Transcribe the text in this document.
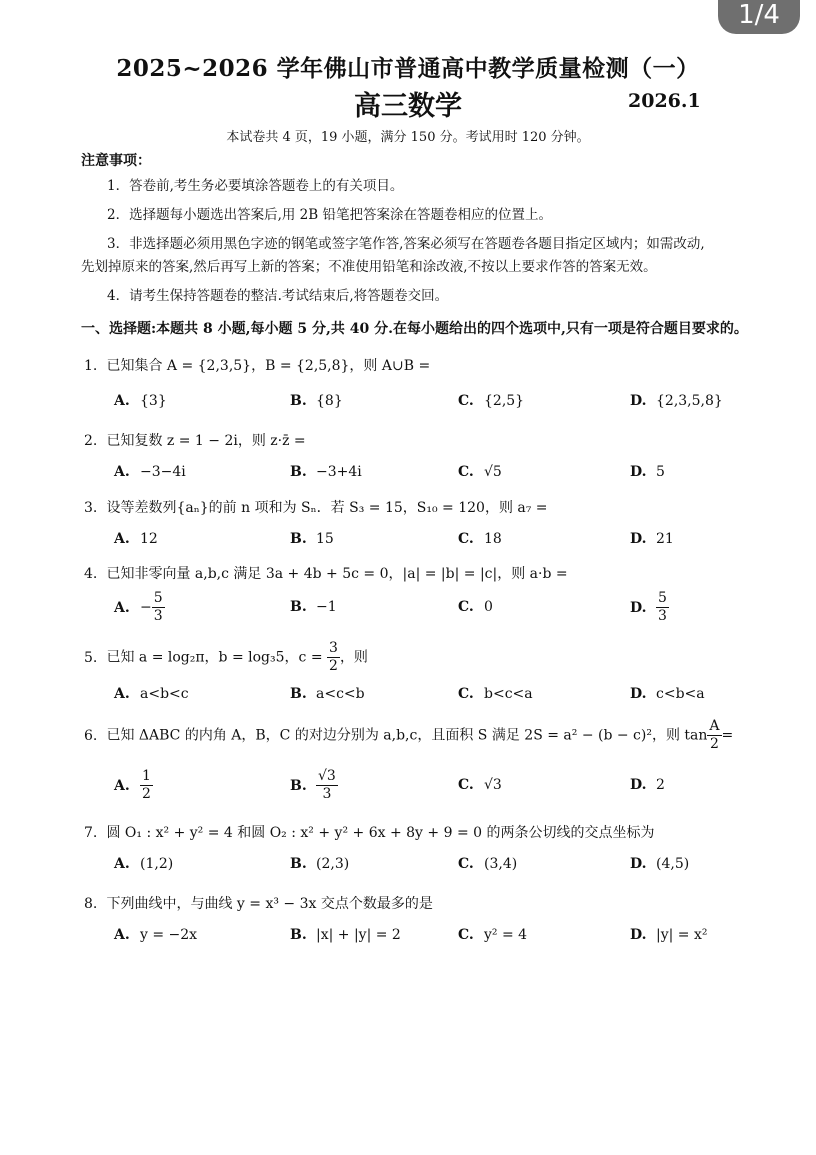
1/4
2025~2026 学年佛山市普通高中教学质量检测（一）
高三数学	2026.1
本试卷共 4 页，19 小题，满分 150 分。考试用时 120 分钟。
注意事项：
1．答卷前,考生务必要填涂答题卷上的有关项目。
2．选择题每小题选出答案后,用 2B 铅笔把答案涂在答题卷相应的位置上。
3．非选择题必须用黑色字迹的钢笔或签字笔作答,答案必须写在答题卷各题目指定区域内；如需改动,
先划掉原来的答案,然后再写上新的答案；不准使用铅笔和涂改液,不按以上要求作答的答案无效。
4．请考生保持答题卷的整洁.考试结束后,将答题卷交回。
一、选择题:本题共 8 小题,每小题 5 分,共 40 分.在每小题给出的四个选项中,只有一项是符合题目要求的。
1. 已知集合 A = {2,3,5}，B = {2,5,8}，则 A∪B =
A. {3}	B. {8}	C. {2,5}	D. {2,3,5,8}
2. 已知复数 z = 1 − 2i，则 z·z̄ =
A. −3−4i	B. −3+4i	C. √5	D. 5
3. 设等差数列{aₙ}的前 n 项和为 Sₙ．若 S₃ = 15，S₁₀ = 120，则 a₇ =
A. 12	B. 15	C. 18	D. 21
4. 已知非零向量 a,b,c 满足 3a + 4b + 5c = 0，|a| = |b| = |c|，则 a·b =
A. − $\frac{5}{3}$	B. −1	C. 0	D. $\frac{5}{3}$
5. 已知 a = log₂π，b = log₃5，$c = \frac{3}{2}$ ，则
A. a<b<c	B. a<c<b	C. b<c<a	D. c<b<a
6. 已知 ΔABC 的内角 A，B，C 的对边分别为 a,b,c，且面积 S 满足 2S = a² − (b − c)²，则 $\tan \frac{A}{2}$ =
A. $\frac{1}{2}$	B. $\frac{√3}{3}$	C. √3	D. 2
7. 圆 O₁ : x² + y² = 4 和圆 O₂ : x² + y² + 6x + 8y + 9 = 0 的两条公切线的交点坐标为
A. (1,2)	B. (2,3)	C. (3,4)	D. (4,5)
8. 下列曲线中，与曲线 y = x³ − 3x 交点个数最多的是
A. y = −2x	B. |x| + |y| = 2	C. y² = 4	D. |y| = x²
